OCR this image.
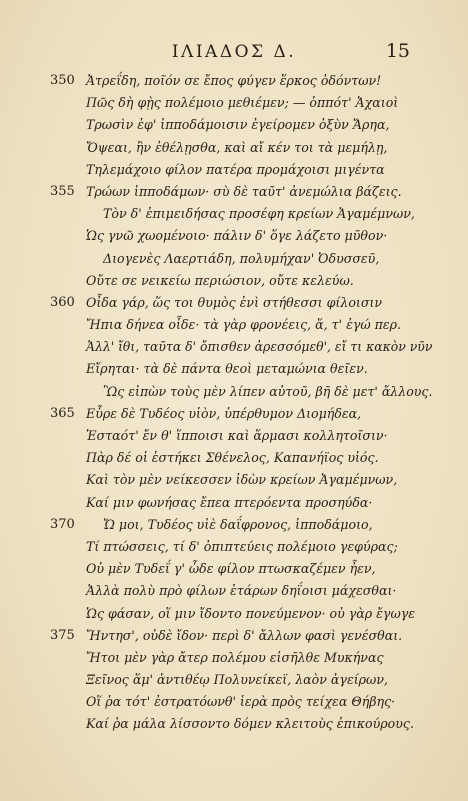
ΙΛΙΑΔΟΣ Δ.	15
350 Ἀτρεΐδη, ποῖόν σε ἔπος φύγεν ἕρκος ὀδόντων!
Πῶς δὴ φῂς πολέμοιο μεθιέμεν; — ὁππότ' Ἀχαιοὶ
Τρωσὶν ἐφ' ἱπποδάμοισιν ἐγείρομεν ὀξὺν Ἄρηα,
Ὄψεαι, ἢν ἐθέλῃσθα, καὶ αἴ κέν τοι τὰ μεμήλῃ,
Τηλεμάχοιο φίλον πατέρα προμάχοισι μιγέντα
355 Τρώων ἱπποδάμων· σὺ δὲ ταῦτ' ἀνεμώλια βάζεις.
Τὸν δ' ἐπιμειδήσας προσέφη κρείων Ἀγαμέμνων,
Ὡς γνῶ χωομένοιο· πάλιν δ' ὅγε λάζετο μῦθον·
Διογενὲς Λαερτιάδη, πολυμήχαν' Ὀδυσσεῦ,
Οὔτε σε νεικείω περιώσιον, οὔτε κελεύω.
360 Οἶδα γάρ, ὥς τοι θυμὸς ἐνὶ στήθεσσι φίλοισιν
Ἤπια δήνεα οἶδε· τὰ γὰρ φρονέεις, ἅ, τ' ἐγώ περ.
Ἀλλ' ἴθι, ταῦτα δ' ὄπισθεν ἀρεσσόμεθ', εἴ τι κακὸν νῦν
Εἴρηται· τὰ δὲ πάντα θεοὶ μεταμώνια θεῖεν.
Ὣς εἰπὼν τοὺς μὲν λίπεν αὐτοῦ, βῆ δὲ μετ' ἄλλους.
365 Εὗρε δὲ Τυδέος υἱὸν, ὑπέρθυμον Διομήδεα,
Ἑσταότ' ἔν θ' ἵπποισι καὶ ἅρμασι κολλητοῖσιν·
Πὰρ δέ οἱ ἑστήκει Σθένελος, Καπανήϊος υἱός.
Καὶ τὸν μὲν νείκεσσεν ἰδὼν κρείων Ἀγαμέμνων,
Καί μιν φωνήσας ἔπεα πτερόεντα προσηύδα·
370	Ὤ μοι, Τυδέος υἱὲ δαΐφρονος, ἱπποδάμοιο,
Τί πτώσσεις, τί δ' ὀπιπτεύεις πολέμοιο γεφύρας;
Οὐ μὲν Τυδεΐ γ' ὧδε φίλον πτωσκαζέμεν ἦεν,
Ἀλλὰ πολὺ πρὸ φίλων ἑτάρων δηΐοισι μάχεσθαι·
Ὡς φάσαν, οἵ μιν ἴδοντο πονεύμενον· οὐ γὰρ ἔγωγε
375 Ἤντησ', οὐδὲ ἴδον· περὶ δ' ἄλλων φασὶ γενέσθαι.
Ἤτοι μὲν γὰρ ἄτερ πολέμου εἰσῆλθε Μυκήνας
Ξεῖνος ἅμ' ἀντιθέῳ Πολυνείκεϊ, λαὸν ἀγείρων,
Οἵ ῥα τότ' ἐστρατόωνθ' ἱερὰ πρὸς τείχεα Θήβης·
Καί ῥα μάλα λίσσοντο δόμεν κλειτοὺς ἐπικούρους.
